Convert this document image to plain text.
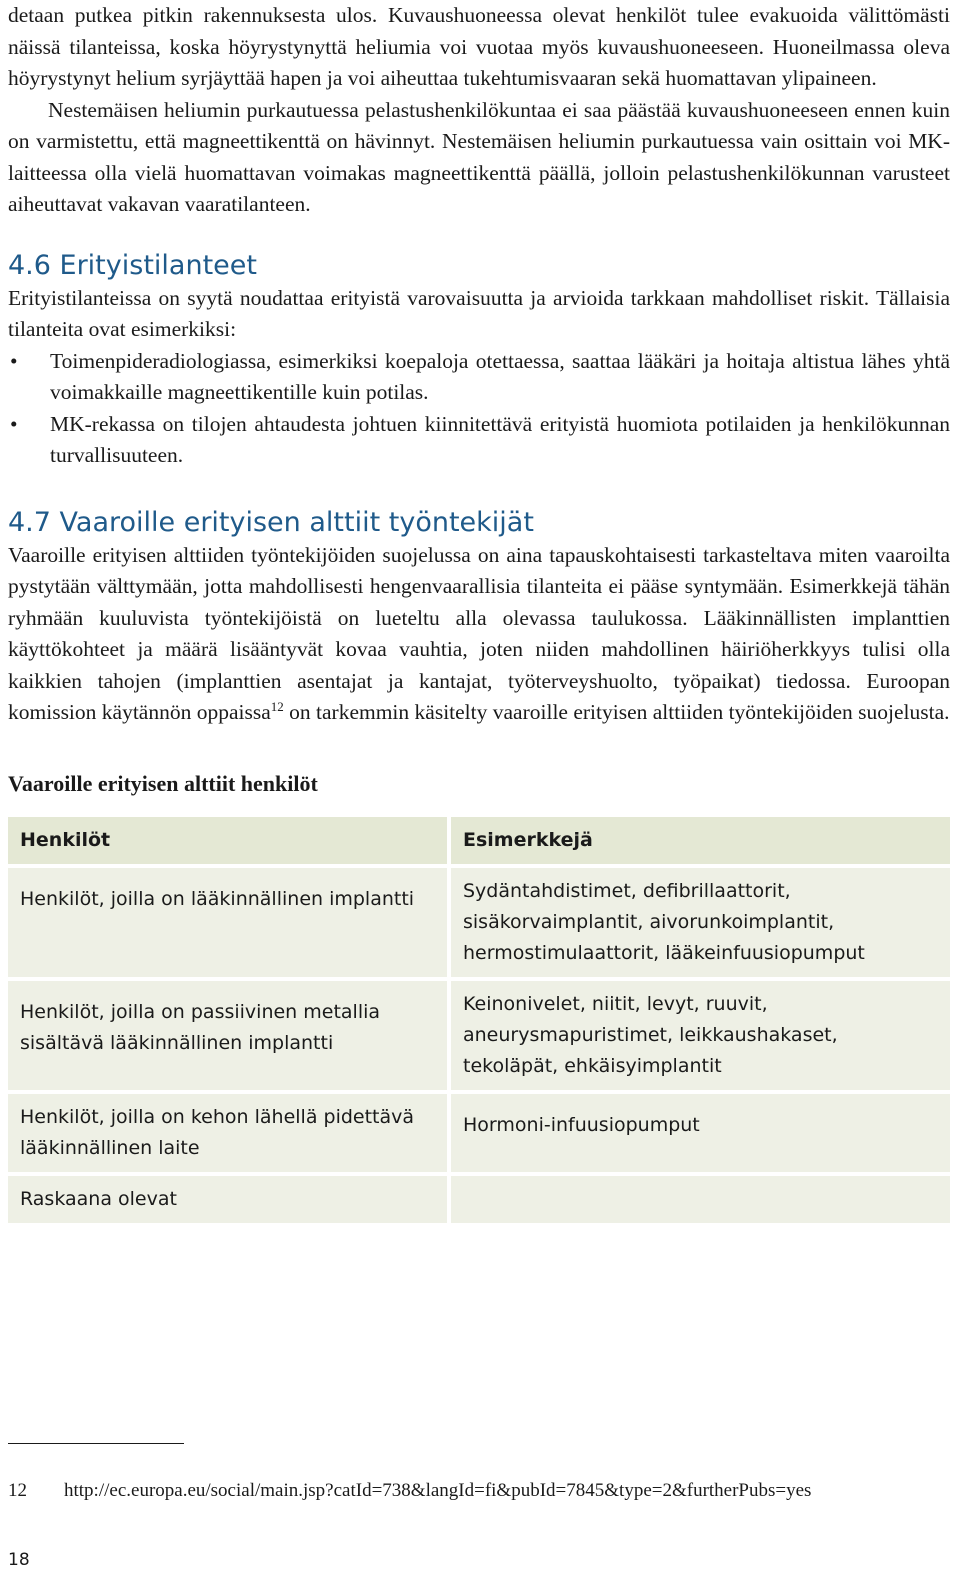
detaan putkea pitkin rakennuksesta ulos. Kuvaushuoneessa olevat henkilöt tulee evakuoida välittömästi näissä tilanteissa, koska höyrystynyttä heliumia voi vuotaa myös kuvaushuoneeseen. Huoneilmassa oleva höyrystynyt helium syrjäyttää hapen ja voi aiheuttaa tukehtumisvaaran sekä huomattavan ylipaineen.

Nestemäisen heliumin purkautuessa pelastushenkilökuntaa ei saa päästää kuvaushuoneeseen ennen kuin on varmistettu, että magneettikenttä on hävinnyt. Nestemäisen heliumin purkautuessa vain osittain voi MK-laitteessa olla vielä huomattavan voimakas magneettikenttä päällä, jolloin pelastushenkilökunnan varusteet aiheuttavat vakavan vaaratilanteen.

4.6 Erityistilanteet

Erityistilanteissa on syytä noudattaa erityistä varovaisuutta ja arvioida tarkkaan mahdolliset riskit. Tällaisia tilanteita ovat esimerkiksi:

• Toimenpideradiologiassa, esimerkiksi koepaloja otettaessa, saattaa lääkäri ja hoitaja altistua lähes yhtä voimakkaille magneettikentille kuin potilas.
• MK-rekassa on tilojen ahtaudesta johtuen kiinnitettävä erityistä huomiota potilaiden ja henkilökunnan turvallisuuteen.
4.7 Vaaroille erityisen alttiit työntekijät

Vaaroille erityisen alttiiden työntekijöiden suojelussa on aina tapauskohtaisesti tarkasteltava miten vaaroilta pystytään välttymään, jotta mahdollisesti hengenvaarallisia tilanteita ei pääse syntymään. Esimerkkejä tähän ryhmään kuuluvista työntekijöistä on lueteltu alla olevassa taulukossa. Lääkinnällisten implanttien käyttökohteet ja määrä lisääntyvät kovaa vauhtia, joten niiden mahdollinen häiriöherkkyys tulisi olla kaikkien tahojen (implanttien asentajat ja kantajat, työterveyshuolto, työpaikat) tiedossa. Euroopan komission käytännön oppaissa$^{12}$ on tarkemmin käsitelty vaaroille erityisen alttiiden työntekijöiden suojelusta.

Vaaroille erityisen alttiit henkilöt

Henkilöt	Esimerkkejä
Henkilöt, joilla on lääkinnällinen implantti	Sydäntahdistimet, defibrillaattorit, sisäkorvaimplantit, aivorunkoimplantit, hermostimulaattorit, lääkeinfuusiopumput
Henkilöt, joilla on passiivinen metallia sisältävä lääkinnällinen implantti	Keinonivelet, niitit, levyt, ruuvit, aneurysmapuristimet, leikkaushakaset, tekoläpät, ehkäisyimplantit
Henkilöt, joilla on kehon lähellä pidettävä lääkinnällinen laite	Hormoni-infuusiopumput
Raskaana olevat	
12 http://ec.europa.eu/social/main.jsp?catId=738&langId=fi&pubId=7845&type=2&furtherPubs=yes
18
